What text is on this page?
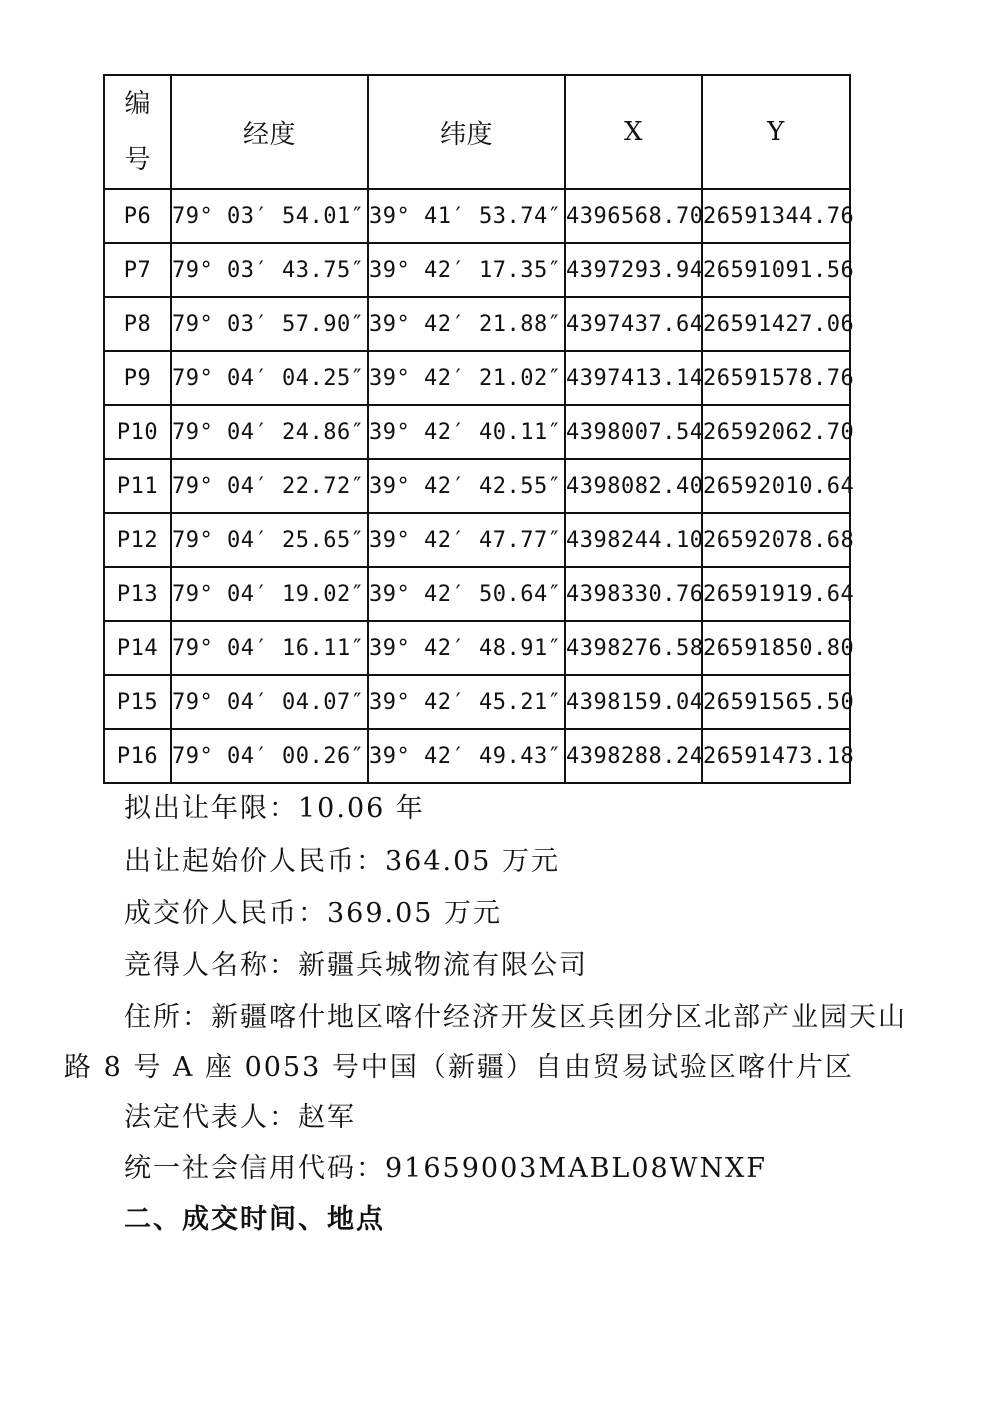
编号	经度	纬度	X	Y
P6	79° 03′ 54.01″	39° 41′ 53.74″	4396568.70	26591344.76
P7	79° 03′ 43.75″	39° 42′ 17.35″	4397293.94	26591091.56
P8	79° 03′ 57.90″	39° 42′ 21.88″	4397437.64	26591427.06
P9	79° 04′ 04.25″	39° 42′ 21.02″	4397413.14	26591578.76
P10	79° 04′ 24.86″	39° 42′ 40.11″	4398007.54	26592062.70
P11	79° 04′ 22.72″	39° 42′ 42.55″	4398082.40	26592010.64
P12	79° 04′ 25.65″	39° 42′ 47.77″	4398244.10	26592078.68
P13	79° 04′ 19.02″	39° 42′ 50.64″	4398330.76	26591919.64
P14	79° 04′ 16.11″	39° 42′ 48.91″	4398276.58	26591850.80
P15	79° 04′ 04.07″	39° 42′ 45.21″	4398159.04	26591565.50
P16	79° 04′ 00.26″	39° 42′ 49.43″	4398288.24	26591473.18
拟出让年限：10.06 年
出让起始价人民币：364.05 万元
成交价人民币：369.05 万元
竞得人名称：新疆兵城物流有限公司
住所：新疆喀什地区喀什经济开发区兵团分区北部产业园天山
路 8 号 A 座 0053 号中国（新疆）自由贸易试验区喀什片区
法定代表人：赵军
统一社会信用代码：91659003MABL08WNXF
二、成交时间、地点
